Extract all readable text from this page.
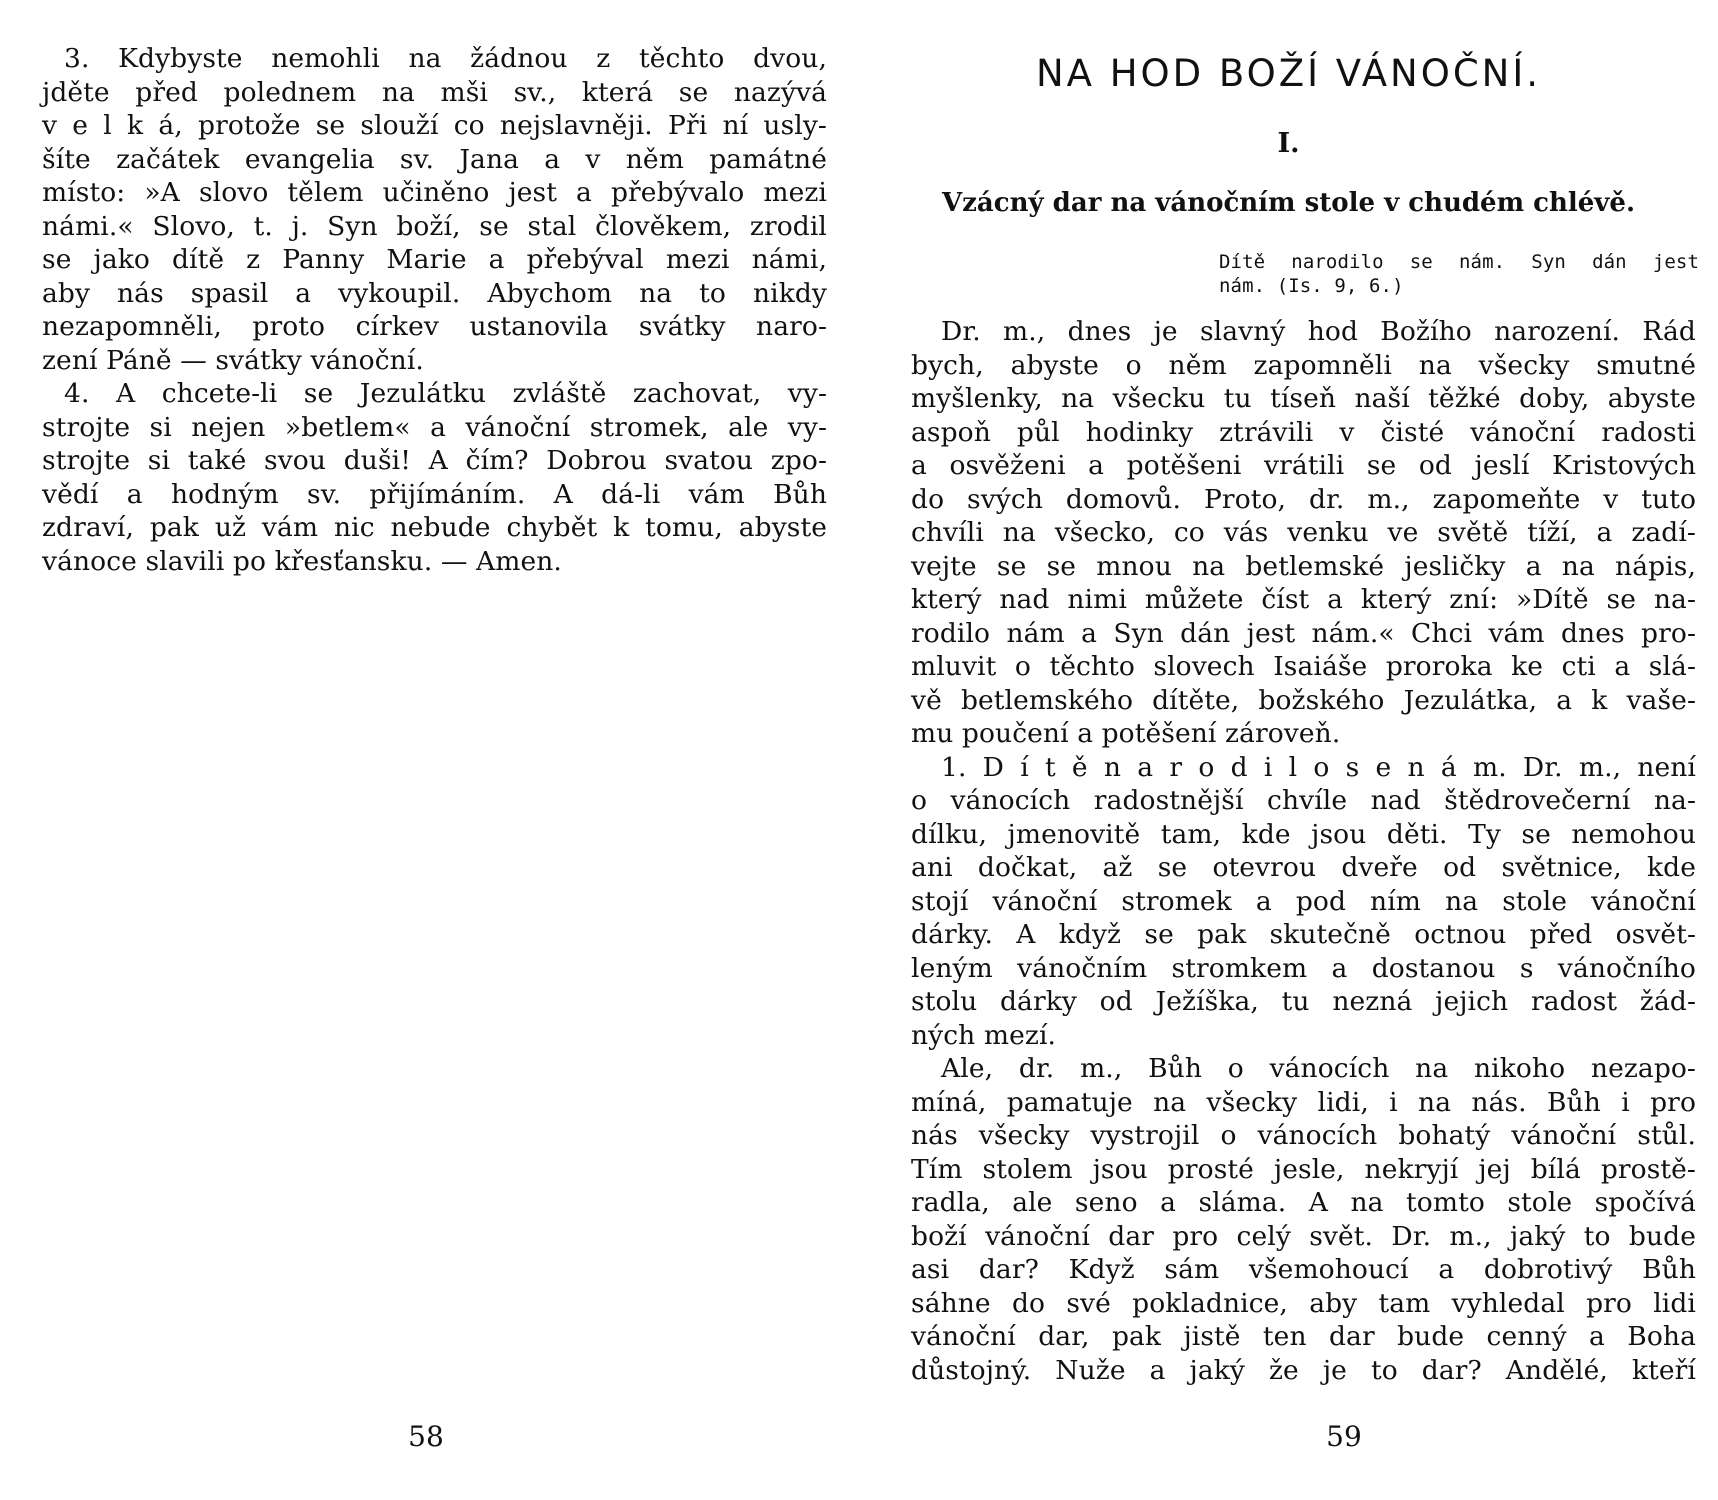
3. Kdybyste nemohli na žádnou z těchto dvou,
jděte před polednem na mši sv., která se nazývá
v e l k á, protože se slouží co nejslavněji. Při ní usly-
šíte začátek evangelia sv. Jana a v něm památné
místo: »A slovo tělem učiněno jest a přebývalo mezi
námi.« Slovo, t. j. Syn boží, se stal člověkem, zrodil
se jako dítě z Panny Marie a přebýval mezi námi,
aby nás spasil a vykoupil. Abychom na to nikdy
nezapomněli, proto církev ustanovila svátky naro-
zení Páně — svátky vánoční.
4. A chcete-li se Jezulátku zvláště zachovat, vy-
strojte si nejen »betlem« a vánoční stromek, ale vy-
strojte si také svou duši! A čím? Dobrou svatou zpo-
vědí a hodným sv. přijímáním. A dá-li vám Bůh
zdraví, pak už vám nic nebude chybět k tomu, abyste
vánoce slavili po křesťansku. — Amen.
58
NA HOD BOŽÍ VÁNOČNÍ.
I.
Vzácný dar na vánočním stole v chudém chlévě.
Dítě narodilo se nám. Syn dán jest
nám. (Is. 9, 6.)
Dr. m., dnes je slavný hod Božího narození. Rád
bych, abyste o něm zapomněli na všecky smutné
myšlenky, na všecku tu tíseň naší těžké doby, abyste
aspoň půl hodinky ztrávili v čisté vánoční radosti
a osvěženi a potěšeni vrátili se od jeslí Kristových
do svých domovů. Proto, dr. m., zapomeňte v tuto
chvíli na všecko, co vás venku ve světě tíží, a zadí-
vejte se se mnou na betlemské jesličky a na nápis,
který nad nimi můžete číst a který zní: »Dítě se na-
rodilo nám a Syn dán jest nám.« Chci vám dnes pro-
mluvit o těchto slovech Isaiáše proroka ke cti a slá-
vě betlemského dítěte, božského Jezulátka, a k vaše-
mu poučení a potěšení zároveň.
1. D í t ě n a r o d i l o s e n á m. Dr. m., není
o vánocích radostnější chvíle nad štědrovečerní na-
dílku, jmenovitě tam, kde jsou děti. Ty se nemohou
ani dočkat, až se otevrou dveře od světnice, kde
stojí vánoční stromek a pod ním na stole vánoční
dárky. A když se pak skutečně octnou před osvět-
leným vánočním stromkem a dostanou s vánočního
stolu dárky od Ježíška, tu nezná jejich radost žád-
ných mezí.
Ale, dr. m., Bůh o vánocích na nikoho nezapo-
míná, pamatuje na všecky lidi, i na nás. Bůh i pro
nás všecky vystrojil o vánocích bohatý vánoční stůl.
Tím stolem jsou prosté jesle, nekryjí jej bílá prostě-
radla, ale seno a sláma. A na tomto stole spočívá
boží vánoční dar pro celý svět. Dr. m., jaký to bude
asi dar? Když sám všemohoucí a dobrotivý Bůh
sáhne do své pokladnice, aby tam vyhledal pro lidi
vánoční dar, pak jistě ten dar bude cenný a Boha
důstojný. Nuže a jaký že je to dar? Andělé, kteří
59
